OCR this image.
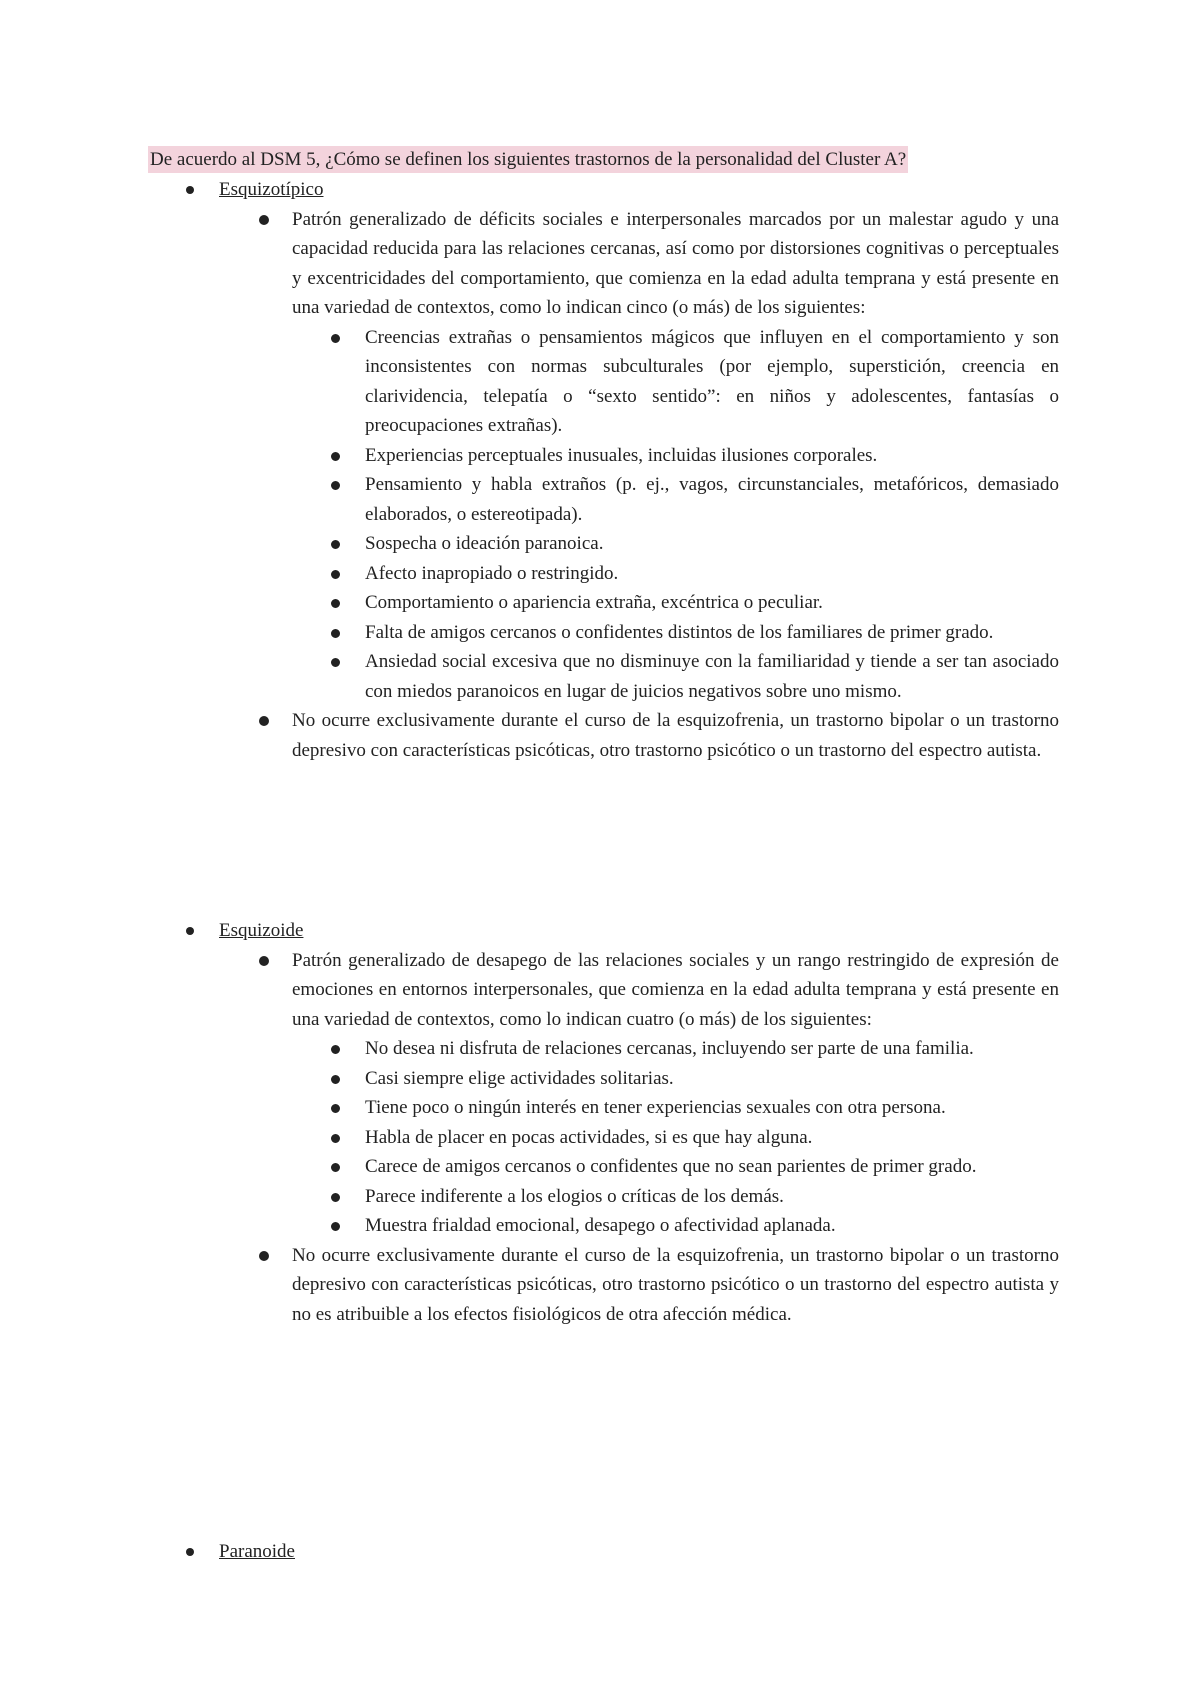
De acuerdo al DSM 5, ¿Cómo se definen los siguientes trastornos de la personalidad del Cluster A?
Esquizotípico
Patrón generalizado de déficits sociales e interpersonales marcados por un malestar agudo y una capacidad reducida para las relaciones cercanas, así como por distorsiones cognitivas o perceptuales y excentricidades del comportamiento, que comienza en la edad adulta temprana y está presente en una variedad de contextos, como lo indican cinco (o más) de los siguientes:
Creencias extrañas o pensamientos mágicos que influyen en el comportamiento y son inconsistentes con normas subculturales (por ejemplo, superstición, creencia en clarividencia, telepatía o “sexto sentido”: en niños y adolescentes, fantasías o preocupaciones extrañas).
Experiencias perceptuales inusuales, incluidas ilusiones corporales.
Pensamiento y habla extraños (p. ej., vagos, circunstanciales, metafóricos, demasiado elaborados, o estereotipada).
Sospecha o ideación paranoica.
Afecto inapropiado o restringido.
Comportamiento o apariencia extraña, excéntrica o peculiar.
Falta de amigos cercanos o confidentes distintos de los familiares de primer grado.
Ansiedad social excesiva que no disminuye con la familiaridad y tiende a ser tan asociado con miedos paranoicos en lugar de juicios negativos sobre uno mismo.
No ocurre exclusivamente durante el curso de la esquizofrenia, un trastorno bipolar o un trastorno depresivo con características psicóticas, otro trastorno psicótico o un trastorno del espectro autista.
Esquizoide
Patrón generalizado de desapego de las relaciones sociales y un rango restringido de expresión de emociones en entornos interpersonales, que comienza en la edad adulta temprana y está presente en una variedad de contextos, como lo indican cuatro (o más) de los siguientes:
No desea ni disfruta de relaciones cercanas, incluyendo ser parte de una familia.
Casi siempre elige actividades solitarias.
Tiene poco o ningún interés en tener experiencias sexuales con otra persona.
Habla de placer en pocas actividades, si es que hay alguna.
Carece de amigos cercanos o confidentes que no sean parientes de primer grado.
Parece indiferente a los elogios o críticas de los demás.
Muestra frialdad emocional, desapego o afectividad aplanada.
No ocurre exclusivamente durante el curso de la esquizofrenia, un trastorno bipolar o un trastorno depresivo con características psicóticas, otro trastorno psicótico o un trastorno del espectro autista y no es atribuible a los efectos fisiológicos de otra afección médica.
Paranoide
